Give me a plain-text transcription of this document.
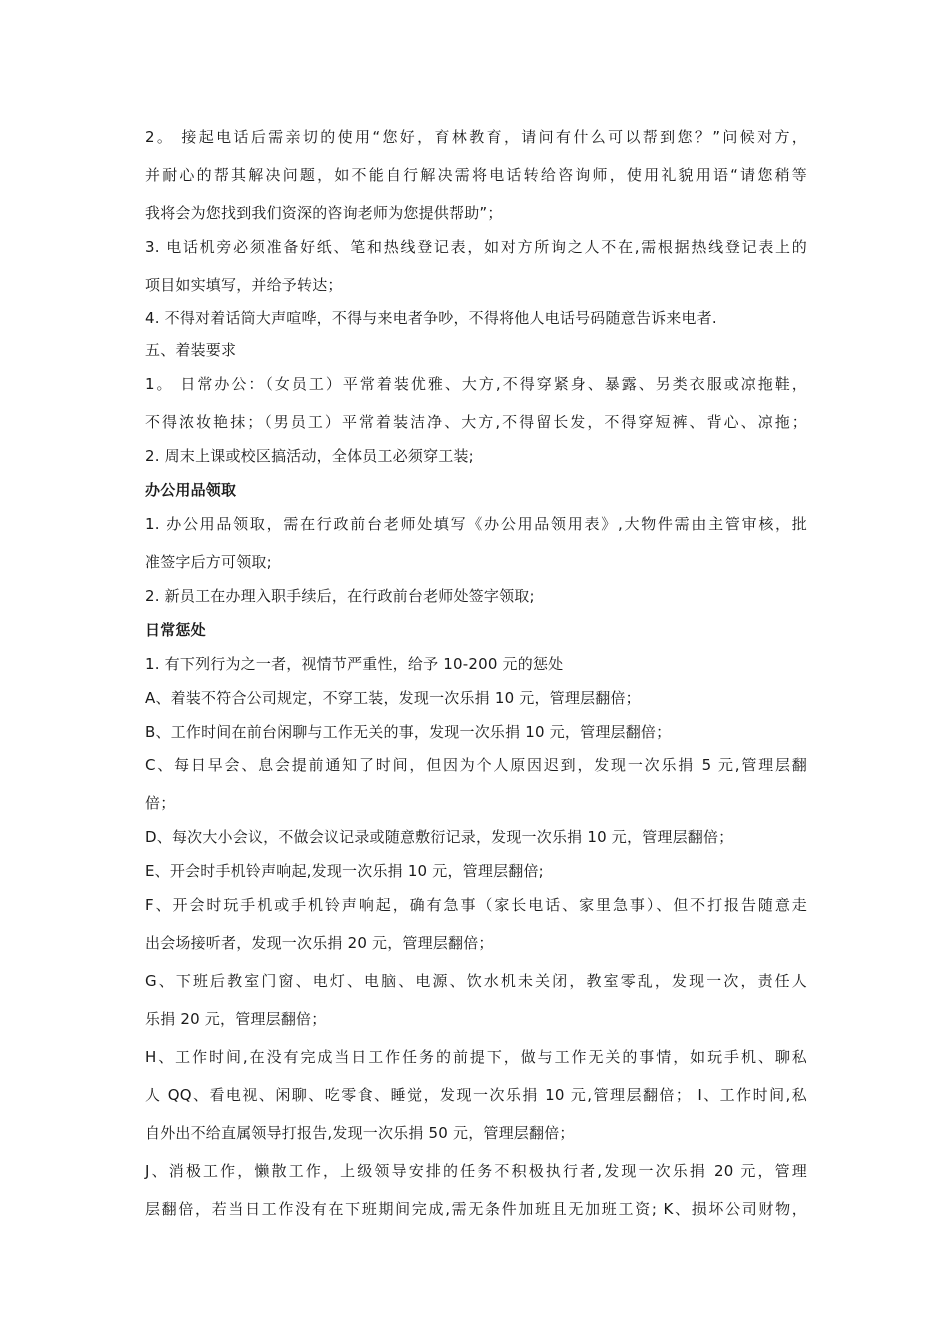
2。 接起电话后需亲切的使用“您好，育林教育，请问有什么可以帮到您？”问候对方，
并耐心的帮其解决问题，如不能自行解决需将电话转给咨询师，使用礼貌用语“请您稍等
我将会为您找到我们资深的咨询老师为您提供帮助”；
3. 电话机旁必须准备好纸、笔和热线登记表，如对方所询之人不在,需根据热线登记表上的
项目如实填写，并给予转达；
4. 不得对着话筒大声喧哗，不得与来电者争吵，不得将他人电话号码随意告诉来电者.
五、着装要求
1。 日常办公：（女员工）平常着装优雅、大方,不得穿紧身、暴露、另类衣服或凉拖鞋，
不得浓妆艳抹；（男员工）平常着装洁净、大方,不得留长发，不得穿短裤、背心、凉拖；
2. 周末上课或校区搞活动，全体员工必须穿工装;
办公用品领取
1. 办公用品领取，需在行政前台老师处填写《办公用品领用表》,大物件需由主管审核，批
准签字后方可领取;
2. 新员工在办理入职手续后，在行政前台老师处签字领取;
日常惩处
1. 有下列行为之一者，视情节严重性，给予 10-200 元的惩处
A、着装不符合公司规定，不穿工装，发现一次乐捐 10 元，管理层翻倍；
B、工作时间在前台闲聊与工作无关的事，发现一次乐捐 10 元，管理层翻倍；
C、每日早会、息会提前通知了时间，但因为个人原因迟到，发现一次乐捐 5 元,管理层翻
倍；
D、每次大小会议，不做会议记录或随意敷衍记录，发现一次乐捐 10 元，管理层翻倍；
E、开会时手机铃声响起,发现一次乐捐 10 元，管理层翻倍;
F、开会时玩手机或手机铃声响起，确有急事（家长电话、家里急事）、但不打报告随意走
出会场接听者，发现一次乐捐 20 元，管理层翻倍；
G、下班后教室门窗、电灯、电脑、电源、饮水机未关闭，教室零乱，发现一次，责任人
乐捐 20 元，管理层翻倍；
H、工作时间,在没有完成当日工作任务的前提下，做与工作无关的事情，如玩手机、聊私
人 QQ、看电视、闲聊、吃零食、睡觉，发现一次乐捐 10 元,管理层翻倍； I、工作时间,私
自外出不给直属领导打报告,发现一次乐捐 50 元，管理层翻倍；
J、消极工作，懒散工作，上级领导安排的任务不积极执行者,发现一次乐捐 20 元，管理
层翻倍，若当日工作没有在下班期间完成,需无条件加班且无加班工资; K、损坏公司财物，
